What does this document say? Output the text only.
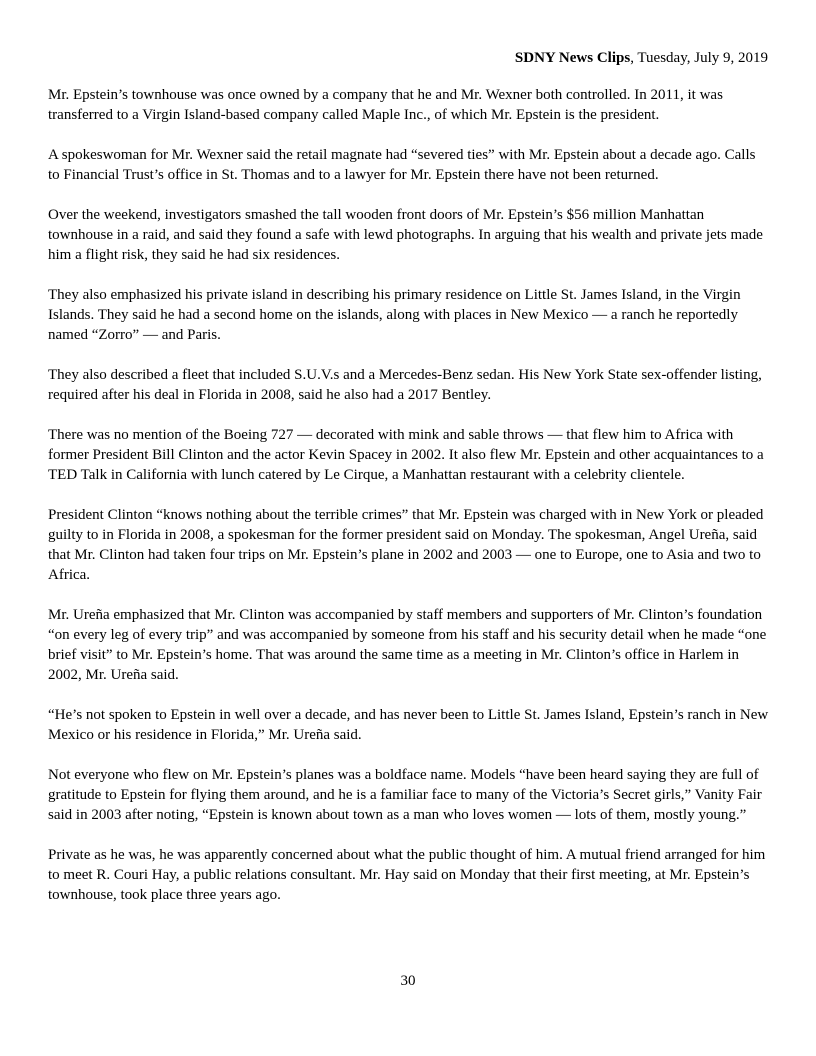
SDNY News Clips, Tuesday, July 9, 2019

Mr. Epstein’s townhouse was once owned by a company that he and Mr. Wexner both controlled. In 2011, it was transferred to a Virgin Island-based company called Maple Inc., of which Mr. Epstein is the president.

A spokeswoman for Mr. Wexner said the retail magnate had “severed ties” with Mr. Epstein about a decade ago. Calls to Financial Trust’s office in St. Thomas and to a lawyer for Mr. Epstein there have not been returned.

Over the weekend, investigators smashed the tall wooden front doors of Mr. Epstein’s $56 million Manhattan townhouse in a raid, and said they found a safe with lewd photographs. In arguing that his wealth and private jets made him a flight risk, they said he had six residences.

They also emphasized his private island in describing his primary residence on Little St. James Island, in the Virgin Islands. They said he had a second home on the islands, along with places in New Mexico — a ranch he reportedly named “Zorro” — and Paris.

They also described a fleet that included S.U.V.s and a Mercedes-Benz sedan. His New York State sex-offender listing, required after his deal in Florida in 2008, said he also had a 2017 Bentley.

There was no mention of the Boeing 727 — decorated with mink and sable throws — that flew him to Africa with former President Bill Clinton and the actor Kevin Spacey in 2002. It also flew Mr. Epstein and other acquaintances to a TED Talk in California with lunch catered by Le Cirque, a Manhattan restaurant with a celebrity clientele.

President Clinton “knows nothing about the terrible crimes” that Mr. Epstein was charged with in New York or pleaded guilty to in Florida in 2008, a spokesman for the former president said on Monday. The spokesman, Angel Ureña, said that Mr. Clinton had taken four trips on Mr. Epstein’s plane in 2002 and 2003 — one to Europe, one to Asia and two to Africa.

Mr. Ureña emphasized that Mr. Clinton was accompanied by staff members and supporters of Mr. Clinton’s foundation “on every leg of every trip” and was accompanied by someone from his staff and his security detail when he made “one brief visit” to Mr. Epstein’s home. That was around the same time as a meeting in Mr. Clinton’s office in Harlem in 2002, Mr. Ureña said.

“He’s not spoken to Epstein in well over a decade, and has never been to Little St. James Island, Epstein’s ranch in New Mexico or his residence in Florida,” Mr. Ureña said.

Not everyone who flew on Mr. Epstein’s planes was a boldface name. Models “have been heard saying they are full of gratitude to Epstein for flying them around, and he is a familiar face to many of the Victoria’s Secret girls,” Vanity Fair said in 2003 after noting, “Epstein is known about town as a man who loves women — lots of them, mostly young.”

Private as he was, he was apparently concerned about what the public thought of him. A mutual friend arranged for him to meet R. Couri Hay, a public relations consultant. Mr. Hay said on Monday that their first meeting, at Mr. Epstein’s townhouse, took place three years ago.

30
